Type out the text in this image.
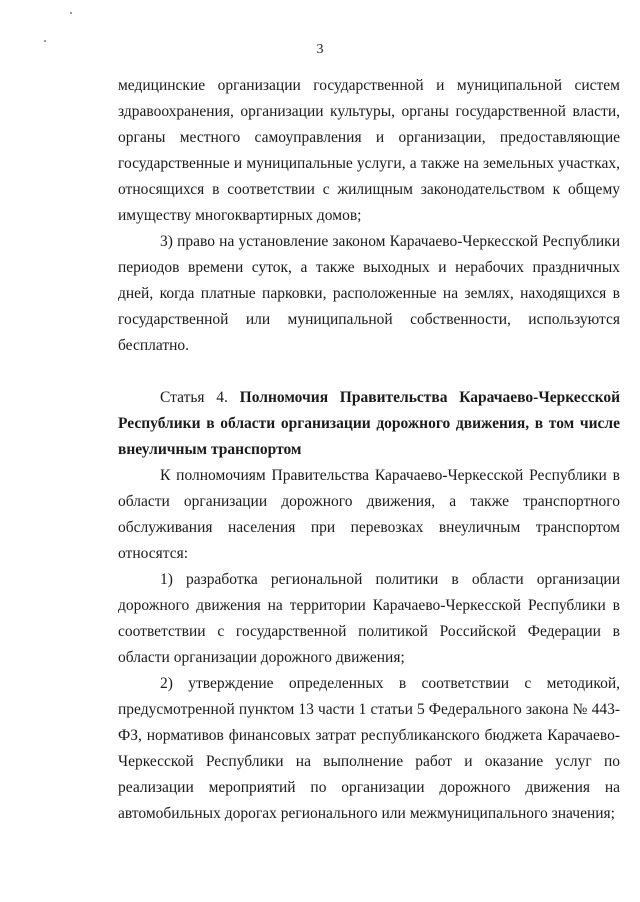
3

медицинские организации государственной и муниципальной систем здравоохранения, организации культуры, органы государственной власти, органы местного самоуправления и организации, предоставляющие государственные и муниципальные услуги, а также на земельных участках, относящихся в соответствии с жилищным законодательством к общему имуществу многоквартирных домов;

3) право на установление законом Карачаево-Черкесской Республики периодов времени суток, а также выходных и нерабочих праздничных дней, когда платные парковки, расположенные на землях, находящихся в государственной или муниципальной собственности, используются бесплатно.

Статья 4. Полномочия Правительства Карачаево-Черкесской Республики в области организации дорожного движения, в том числе внеуличным транспортом

К полномочиям Правительства Карачаево-Черкесской Республики в области организации дорожного движения, а также транспортного обслуживания населения при перевозках внеуличным транспортом относятся:

1) разработка региональной политики в области организации дорожного движения на территории Карачаево-Черкесской Республики в соответствии с государственной политикой Российской Федерации в области организации дорожного движения;

2) утверждение определенных в соответствии с методикой, предусмотренной пунктом 13 части 1 статьи 5 Федерального закона № 443-ФЗ, нормативов финансовых затрат республиканского бюджета Карачаево-Черкесской Республики на выполнение работ и оказание услуг по реализации мероприятий по организации дорожного движения на автомобильных дорогах регионального или межмуниципального значения;
